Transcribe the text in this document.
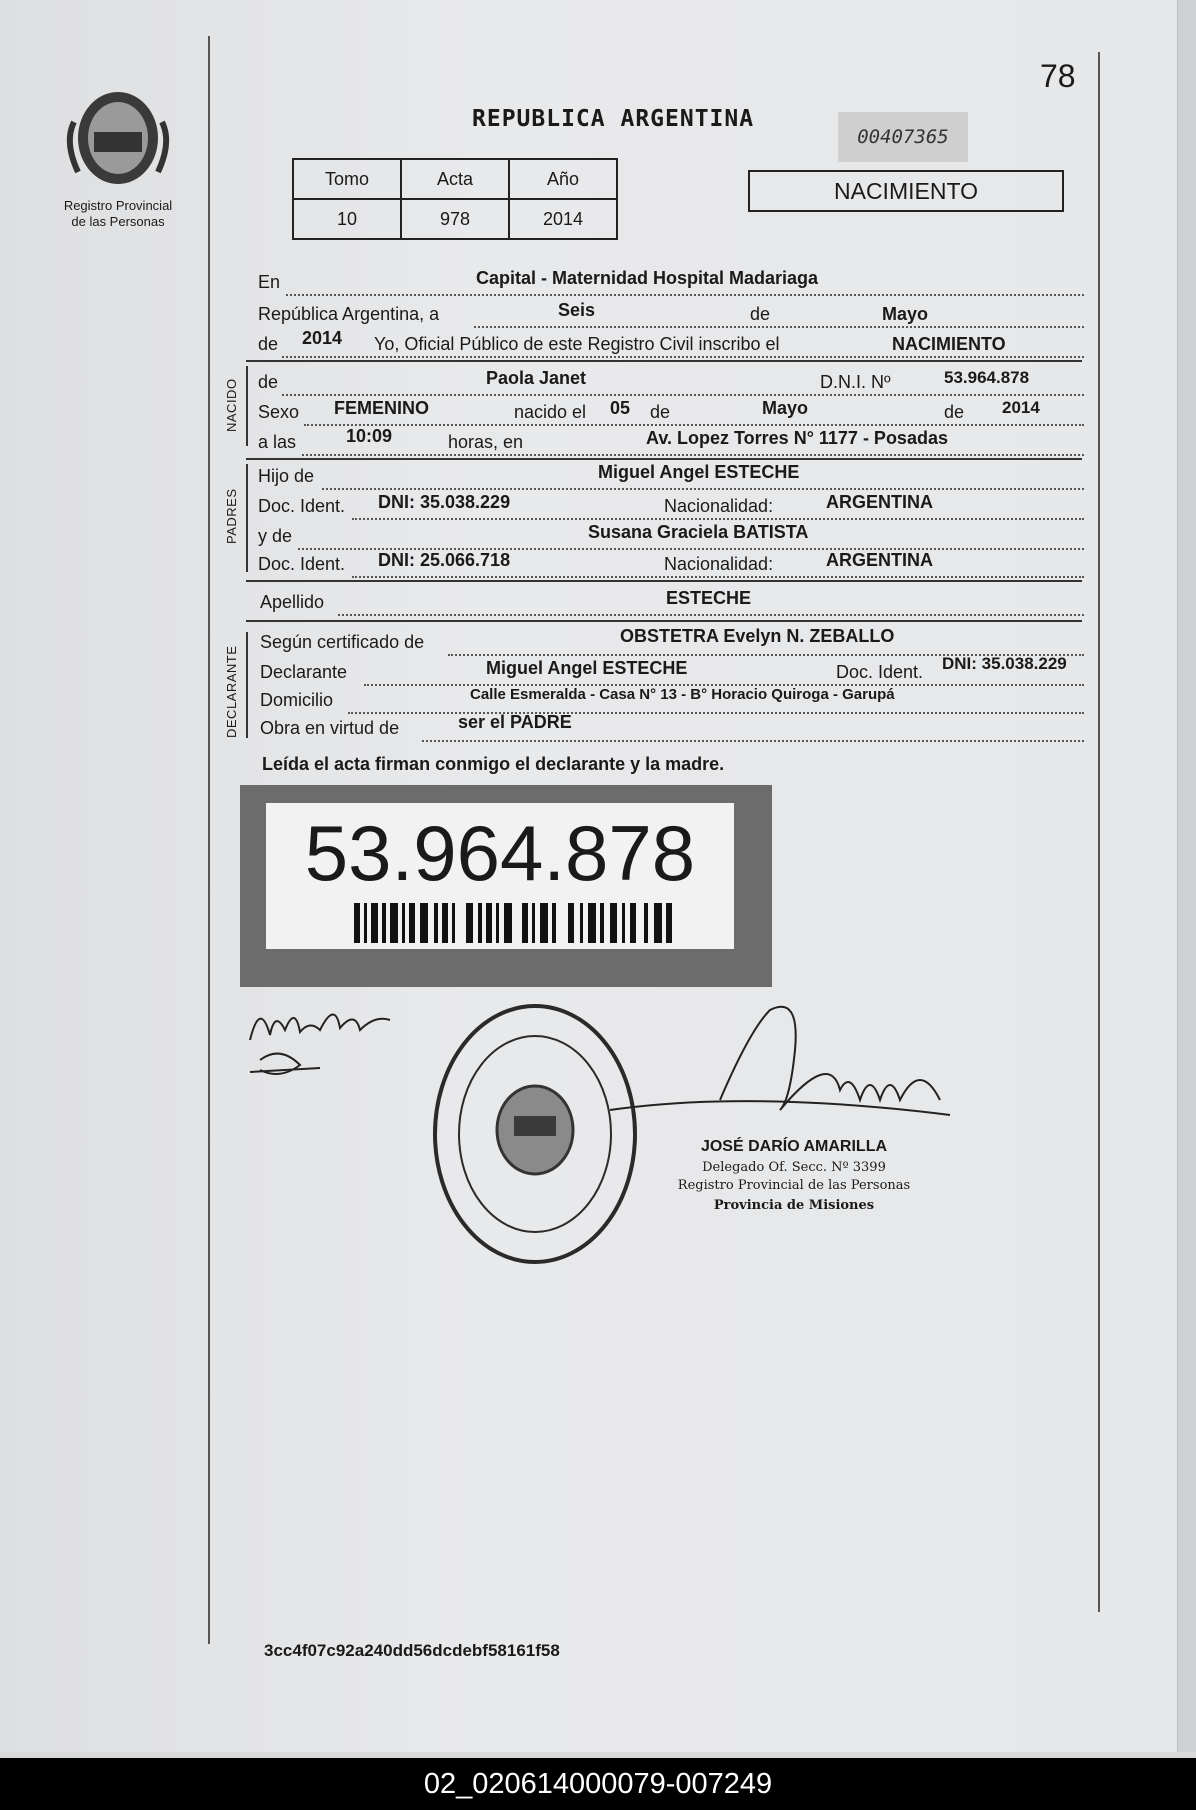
78
Registro Provincial
de las Personas
REPUBLICA ARGENTINA
00407365
Tomo	Acta	Año
10	978	2014
NACIMIENTO
En	Capital - Maternidad Hospital Madariaga
República Argentina, a	Seis	de	Mayo
de 2014 Yo, Oficial Público de este Registro Civil inscribo el	NACIMIENTO
NACIDO de	Paola Janet	D.N.I. Nº	53.964.878
Sexo FEMENINO	nacido el 05 de	Mayo	de 2014
a las	10:09	horas, en	Av. Lopez Torres N° 1177 - Posadas
PADRES
Hijo de	Miguel Angel ESTECHE
Doc. Ident. DNI: 35.038.229	Nacionalidad:	ARGENTINA
y de	Susana Graciela BATISTA
Doc. Ident. DNI: 25.066.718	Nacionalidad:	ARGENTINA
Apellido	ESTECHE
DECLARANTE
Según certificado de	OBSTETRA Evelyn N. ZEBALLO
Declarante	Miguel Angel ESTECHE	Doc. Ident. DNI: 35.038.229
Domicilio	Calle Esmeralda - Casa N° 13 - B° Horacio Quiroga - Garupá
Obra en virtud de	ser el PADRE
Leída el acta firman conmigo el declarante y la madre.
53.964.878
JOSÉ DARÍO AMARILLA
Delegado Of. Secc. Nº 3399
Registro Provincial de las Personas
Provincia de Misiones
3cc4f07c92a240dd56dcdebf58161f58
02_020614000079-007249
